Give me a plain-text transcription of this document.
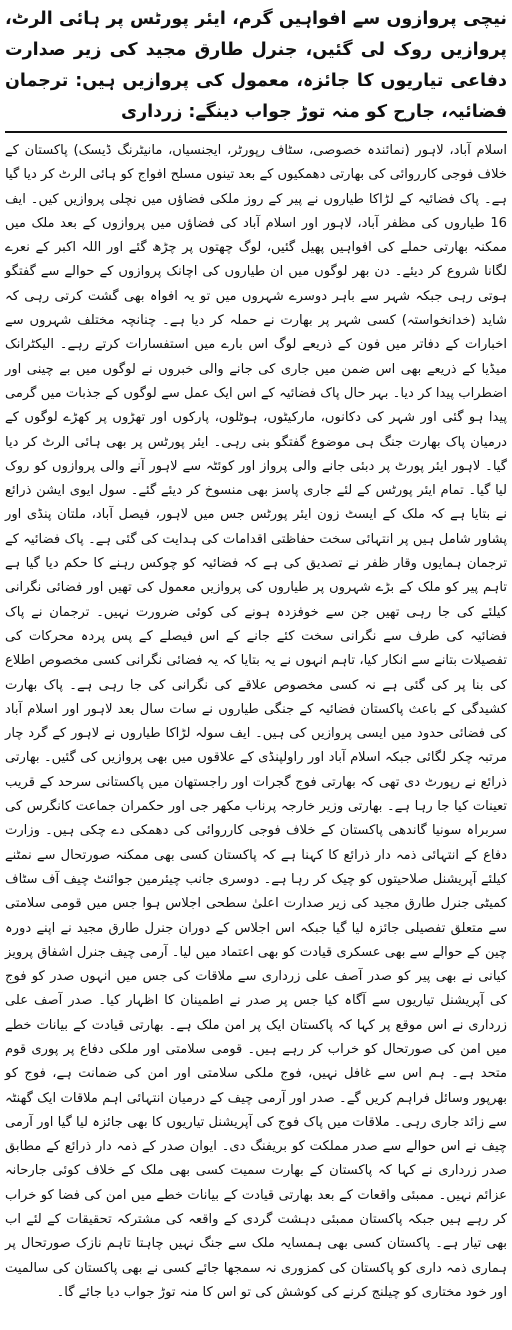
نیچی پروازوں سے افواہیں گرم، ایئر پورٹس پر ہائی الرٹ، پروازیں روک لی گئیں، جنرل طارق مجید کی زیر صدارت دفاعی تیاریوں کا جائزہ، معمول کی پروازیں ہیں: ترجمان فضائیہ، جارح کو منہ توڑ جواب دینگے: زرداری

اسلام آباد، لاہور (نمائندہ خصوصی، سٹاف رپورٹر، ایجنسیاں، مانیٹرنگ ڈیسک) پاکستان کے خلاف فوجی کارروائی کی بھارتی دھمکیوں کے بعد تینوں مسلح افواج کو ہائی الرٹ کر دیا گیا ہے۔ پاک فضائیہ کے لڑاکا طیاروں نے پیر کے روز ملکی فضاؤں میں نچلی پروازیں کیں۔ ایف 16 طیاروں کی مظفر آباد، لاہور اور اسلام آباد کی فضاؤں میں پروازوں کے بعد ملک میں ممکنہ بھارتی حملے کی افواہیں پھیل گئیں، لوگ چھتوں پر چڑھ گئے اور اللہ اکبر کے نعرے لگانا شروع کر دیئے۔ دن بھر لوگوں میں ان طیاروں کی اچانک پروازوں کے حوالے سے گفتگو ہوتی رہی جبکہ شہر سے باہر دوسرے شہروں میں تو یہ افواہ بھی گشت کرتی رہی کہ شاید (خدانخواستہ) کسی شہر پر بھارت نے حملہ کر دیا ہے۔ چنانچہ مختلف شہروں سے اخبارات کے دفاتر میں فون کے ذریعے لوگ اس بارے میں استفسارات کرتے رہے۔ الیکٹرانک میڈیا کے ذریعے بھی اس ضمن میں جاری کی جانے والی خبروں نے لوگوں میں بے چینی اور اضطراب پیدا کر دیا۔ بہر حال پاک فضائیہ کے اس ایک عمل سے لوگوں کے جذبات میں گرمی پیدا ہو گئی اور شہر کی دکانوں، مارکیٹوں، ہوٹلوں، پارکوں اور تھڑوں پر کھڑے لوگوں کے درمیان پاک بھارت جنگ ہی موضوع گفتگو بنی رہی۔ ایئر پورٹس پر بھی ہائی الرٹ کر دیا گیا۔ لاہور ایئر پورٹ پر دبئی جانے والی پرواز اور کوئٹہ سے لاہور آنے والی پروازوں کو روک لیا گیا۔ تمام ایئر پورٹس کے لئے جاری پاسز بھی منسوخ کر دیئے گئے۔ سول ایوی ایشن ذرائع نے بتایا ہے کہ ملک کے ایسٹ زون ایئر پورٹس جس میں لاہور، فیصل آباد، ملتان پنڈی اور پشاور شامل ہیں پر انتہائی سخت حفاظتی اقدامات کی ہدایت کی گئی ہے۔ پاک فضائیہ کے ترجمان ہمایوں وقار ظفر نے تصدیق کی ہے کہ فضائیہ کو چوکس رہنے کا حکم دیا گیا ہے تاہم پیر کو ملک کے بڑے شہروں پر طیاروں کی پروازیں معمول کی تھیں اور فضائی نگرانی کیلئے کی جا رہی تھیں جن سے خوفزدہ ہونے کی کوئی ضرورت نہیں۔ ترجمان نے پاک فضائیہ کی طرف سے نگرانی سخت کئے جانے کے اس فیصلے کے پس پردہ محرکات کی تفصیلات بتانے سے انکار کیا، تاہم انہوں نے یہ بتایا کہ یہ فضائی نگرانی کسی مخصوص اطلاع کی بنا پر کی گئی ہے نہ کسی مخصوص علاقے کی نگرانی کی جا رہی ہے۔ پاک بھارت کشیدگی کے باعث پاکستان فضائیہ کے جنگی طیاروں نے سات سال بعد لاہور اور اسلام آباد کی فضائی حدود میں ایسی پروازیں کی ہیں۔ ایف سولہ لڑاکا طیاروں نے لاہور کے گرد چار مرتبہ چکر لگائی جبکہ اسلام آباد اور راولپنڈی کے علاقوں میں بھی پروازیں کی گئیں۔ بھارتی ذرائع نے رپورٹ دی تھی کہ بھارتی فوج گجرات اور راجستھان میں پاکستانی سرحد کے قریب تعینات کیا جا رہا ہے۔ بھارتی وزیر خارجہ پرناب مکھر جی اور حکمران جماعت کانگرس کی سربراہ سونیا گاندھی پاکستان کے خلاف فوجی کارروائی کی دھمکی دے چکی ہیں۔ وزارت دفاع کے انتہائی ذمہ دار ذرائع کا کہنا ہے کہ پاکستان کسی بھی ممکنہ صورتحال سے نمٹنے کیلئے آپریشنل صلاحیتوں کو چیک کر رہا ہے۔ دوسری جانب چیئرمین جوائنٹ چیف آف سٹاف کمیٹی جنرل طارق مجید کی زیر صدارت اعلیٰ سطحی اجلاس ہوا جس میں قومی سلامتی سے متعلق تفصیلی جائزہ لیا گیا جبکہ اس اجلاس کے دوران جنرل طارق مجید نے اپنے دورہ چین کے حوالے سے بھی عسکری قیادت کو بھی اعتماد میں لیا۔ آرمی چیف جنرل اشفاق پرویز کیانی نے بھی پیر کو صدر آصف علی زرداری سے ملاقات کی جس میں انہوں صدر کو فوج کی آپریشنل تیاریوں سے آگاہ کیا جس پر صدر نے اطمینان کا اظہار کیا۔ صدر آصف علی زرداری نے اس موقع پر کہا کہ پاکستان ایک پر امن ملک ہے۔ بھارتی قیادت کے بیانات خطے میں امن کی صورتحال کو خراب کر رہے ہیں۔ قومی سلامتی اور ملکی دفاع پر پوری قوم متحد ہے۔ ہم اس سے غافل نہیں، فوج ملکی سلامتی اور امن کی ضمانت ہے، فوج کو بھرپور وسائل فراہم کریں گے۔ صدر اور آرمی چیف کے درمیان انتہائی اہم ملاقات ایک گھنٹہ سے زائد جاری رہی۔ ملاقات میں پاک فوج کی آپریشنل تیاریوں کا بھی جائزہ لیا گیا اور آرمی چیف نے اس حوالے سے صدر مملکت کو بریفنگ دی۔ ایوان صدر کے ذمہ دار ذرائع کے مطابق صدر زرداری نے کہا کہ پاکستان کے بھارت سمیت کسی بھی ملک کے خلاف کوئی جارحانہ عزائم نہیں۔ ممبئی واقعات کے بعد بھارتی قیادت کے بیانات خطے میں امن کی فضا کو خراب کر رہے ہیں جبکہ پاکستان ممبئی دہشت گردی کے واقعہ کی مشترکہ تحقیقات کے لئے اب بھی تیار ہے۔ پاکستان کسی بھی ہمسایہ ملک سے جنگ نہیں چاہتا تاہم نازک صورتحال پر ہماری ذمہ داری کو پاکستان کی کمزوری نہ سمجھا جائے کسی نے بھی پاکستان کی سالمیت اور خود مختاری کو چیلنج کرنے کی کوشش کی تو اس کا منہ توڑ جواب دیا جائے گا۔
